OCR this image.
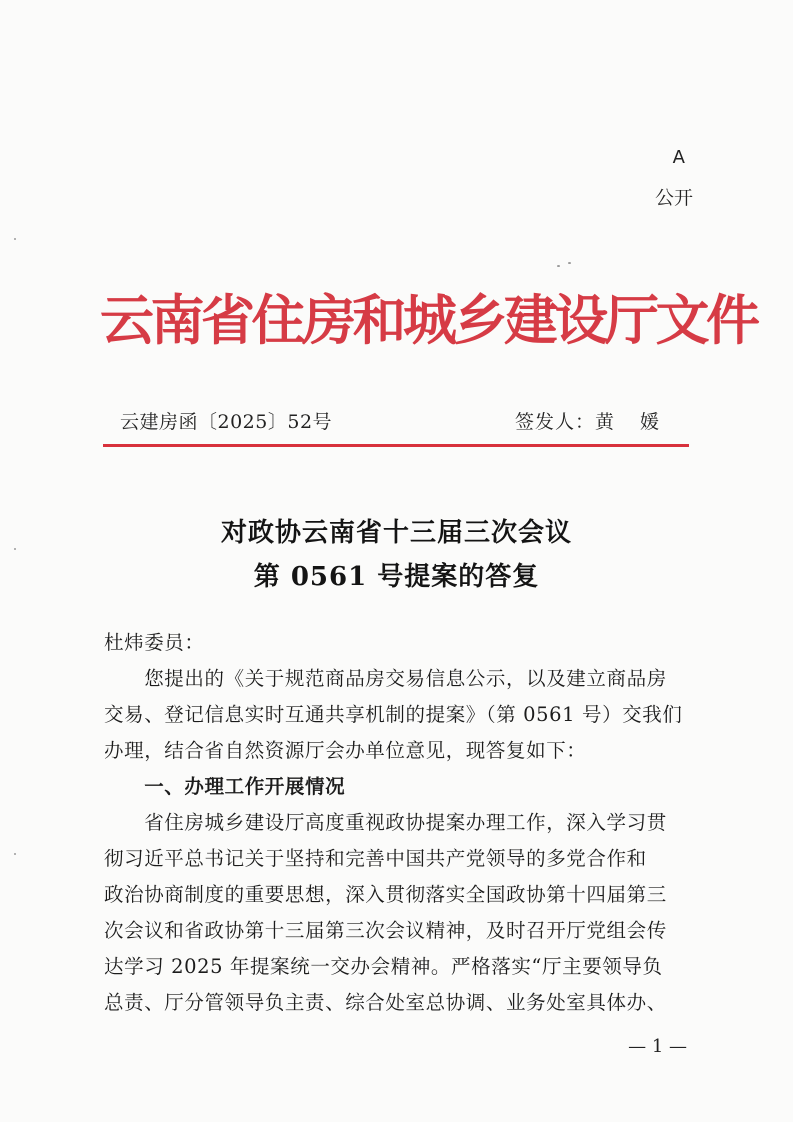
A
公开
云南省住房和城乡建设厅文件
云建房函〔2025〕52号	签发人：黄 媛
对政协云南省十三届三次会议
第 0561 号提案的答复
杜炜委员：
　　您提出的《关于规范商品房交易信息公示，以及建立商品房
交易、登记信息实时互通共享机制的提案》（第 0561 号）交我们
办理，结合省自然资源厅会办单位意见，现答复如下：
　　一、办理工作开展情况
　　省住房城乡建设厅高度重视政协提案办理工作，深入学习贯
彻习近平总书记关于坚持和完善中国共产党领导的多党合作和
政治协商制度的重要思想，深入贯彻落实全国政协第十四届第三
次会议和省政协第十三届第三次会议精神，及时召开厅党组会传
达学习 2025 年提案统一交办会精神。严格落实“厅主要领导负
总责、厅分管领导负主责、综合处室总协调、业务处室具体办、
— 1 —
